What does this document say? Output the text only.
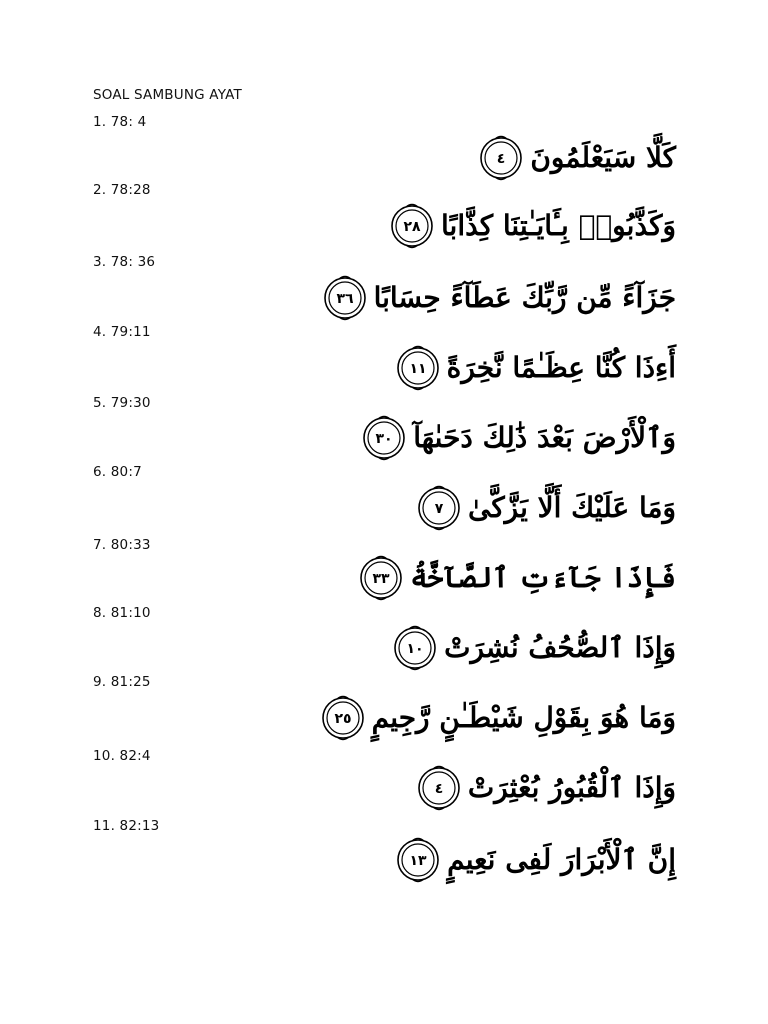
SOAL SAMBUNG AYAT
1. 78: 4
كَلَّا سَيَعْلَمُونَ
٤
2. 78:28
وَكَذَّبُوا۟ بِـَٔايَـٰتِنَا كِذَّابًا
٢٨
3. 78: 36
جَزَآءً مِّن رَّبِّكَ عَطَآءً حِسَابًا
٣٦
4. 79:11
أَءِذَا كُنَّا عِظَـٰمًا نَّخِرَةً
١١
5. 79:30
وَٱلْأَرْضَ بَعْدَ ذَٰلِكَ دَحَىٰهَآ
٣٠
6. 80:7
وَمَا عَلَيْكَ أَلَّا يَزَّكَّىٰ
٧
7. 80:33
فَإِذَا جَآءَتِ ٱلصَّآخَّةُ
٣٣
8. 81:10
وَإِذَا ٱلصُّحُفُ نُشِرَتْ
١٠
9. 81:25
وَمَا هُوَ بِقَوْلِ شَيْطَـٰنٍ رَّجِيمٍ
٢٥
10. 82:4
وَإِذَا ٱلْقُبُورُ بُعْثِرَتْ
٤
11. 82:13
إِنَّ ٱلْأَبْرَارَ لَفِى نَعِيمٍ
١٣
